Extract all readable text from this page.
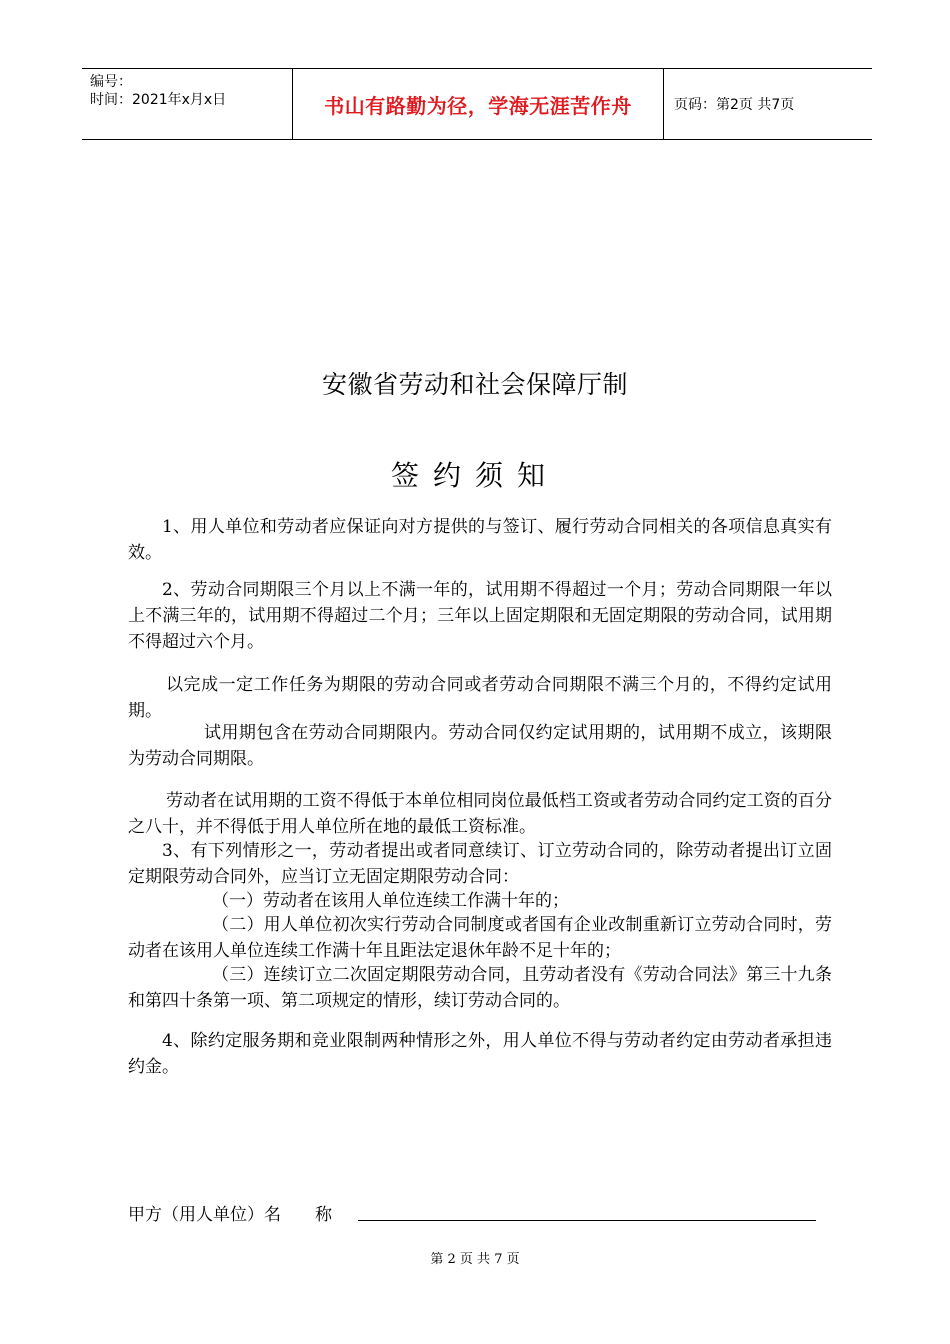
编号：
时间：2021年x月x日	书山有路勤为径，学海无涯苦作舟	页码：第2页 共7页
安徽省劳动和社会保障厅制
签约须知

1、用人单位和劳动者应保证向对方提供的与签订、履行劳动合同相关的各项信息真实有效。

2、劳动合同期限三个月以上不满一年的，试用期不得超过一个月；劳动合同期限一年以上不满三年的，试用期不得超过二个月；三年以上固定期限和无固定期限的劳动合同，试用期不得超过六个月。

以完成一定工作任务为期限的劳动合同或者劳动合同期限不满三个月的，不得约定试用期。

试用期包含在劳动合同期限内。劳动合同仅约定试用期的，试用期不成立，该期限为劳动合同期限。

劳动者在试用期的工资不得低于本单位相同岗位最低档工资或者劳动合同约定工资的百分之八十，并不得低于用人单位所在地的最低工资标准。

3、有下列情形之一，劳动者提出或者同意续订、订立劳动合同的，除劳动者提出订立固定期限劳动合同外，应当订立无固定期限劳动合同：

（一）劳动者在该用人单位连续工作满十年的；

（二）用人单位初次实行劳动合同制度或者国有企业改制重新订立劳动合同时，劳动者在该用人单位连续工作满十年且距法定退休年龄不足十年的；

（三）连续订立二次固定期限劳动合同，且劳动者没有《劳动合同法》第三十九条和第四十条第一项、第二项规定的情形，续订劳动合同的。

4、除约定服务期和竞业限制两种情形之外，用人单位不得与劳动者约定由劳动者承担违约金。

甲方（用人单位）名　　称
第 2 页 共 7 页
